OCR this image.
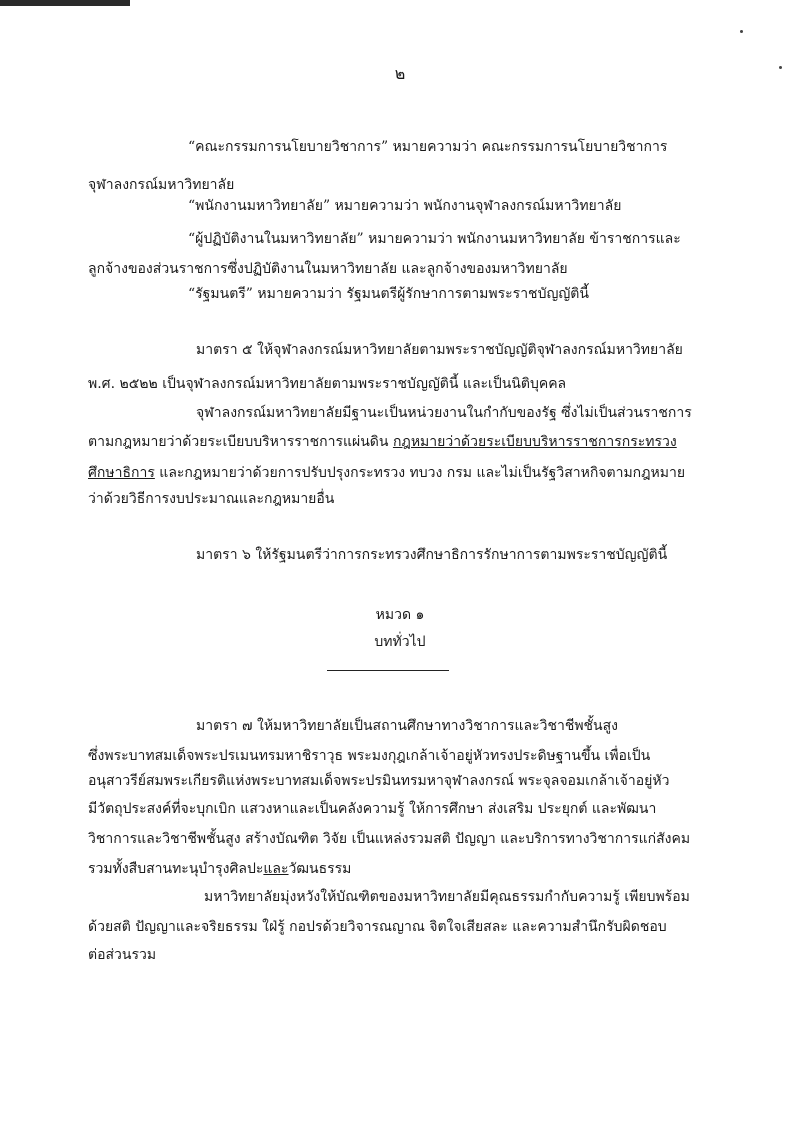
๒
“คณะกรรมการนโยบายวิชาการ” หมายความว่า คณะกรรมการนโยบายวิชาการ
จุฬาลงกรณ์มหาวิทยาลัย
“พนักงานมหาวิทยาลัย” หมายความว่า พนักงานจุฬาลงกรณ์มหาวิทยาลัย
“ผู้ปฏิบัติงานในมหาวิทยาลัย” หมายความว่า พนักงานมหาวิทยาลัย ข้าราชการและ
ลูกจ้างของส่วนราชการซึ่งปฏิบัติงานในมหาวิทยาลัย และลูกจ้างของมหาวิทยาลัย
“รัฐมนตรี” หมายความว่า รัฐมนตรีผู้รักษาการตามพระราชบัญญัตินี้
มาตรา ๕ ให้จุฬาลงกรณ์มหาวิทยาลัยตามพระราชบัญญัติจุฬาลงกรณ์มหาวิทยาลัย
พ.ศ. ๒๕๒๒ เป็นจุฬาลงกรณ์มหาวิทยาลัยตามพระราชบัญญัตินี้ และเป็นนิติบุคคล
จุฬาลงกรณ์มหาวิทยาลัยมีฐานะเป็นหน่วยงานในกำกับของรัฐ ซึ่งไม่เป็นส่วนราชการ
ตามกฎหมายว่าด้วยระเบียบบริหารราชการแผ่นดิน กฎหมายว่าด้วยระเบียบบริหารราชการกระทรวง
ศึกษาธิการ และกฎหมายว่าด้วยการปรับปรุงกระทรวง ทบวง กรม และไม่เป็นรัฐวิสาหกิจตามกฎหมาย
ว่าด้วยวิธีการงบประมาณและกฎหมายอื่น
มาตรา ๖ ให้รัฐมนตรีว่าการกระทรวงศึกษาธิการรักษาการตามพระราชบัญญัตินี้
หมวด ๑
บททั่วไป
มาตรา ๗ ให้มหาวิทยาลัยเป็นสถานศึกษาทางวิชาการและวิชาชีพชั้นสูง
ซึ่งพระบาทสมเด็จพระปรเมนทรมหาชิราวุธ พระมงกุฎเกล้าเจ้าอยู่หัวทรงประดิษฐานขึ้น เพื่อเป็น
อนุสาวรีย์สมพระเกียรติแห่งพระบาทสมเด็จพระปรมินทรมหาจุฬาลงกรณ์ พระจุลจอมเกล้าเจ้าอยู่หัว
มีวัตถุประสงค์ที่จะบุกเบิก แสวงหาและเป็นคลังความรู้ ให้การศึกษา ส่งเสริม ประยุกต์ และพัฒนา
วิชาการและวิชาชีพชั้นสูง สร้างบัณฑิต วิจัย เป็นแหล่งรวมสติ ปัญญา และบริการทางวิชาการแก่สังคม
รวมทั้งสืบสานทะนุบำรุงศิลปะและวัฒนธรรม
มหาวิทยาลัยมุ่งหวังให้บัณฑิตของมหาวิทยาลัยมีคุณธรรมกำกับความรู้ เพียบพร้อม
ด้วยสติ ปัญญาและจริยธรรม ใฝ่รู้ กอปรด้วยวิจารณญาณ จิตใจเสียสละ และความสำนึกรับผิดชอบ
ต่อส่วนรวม
